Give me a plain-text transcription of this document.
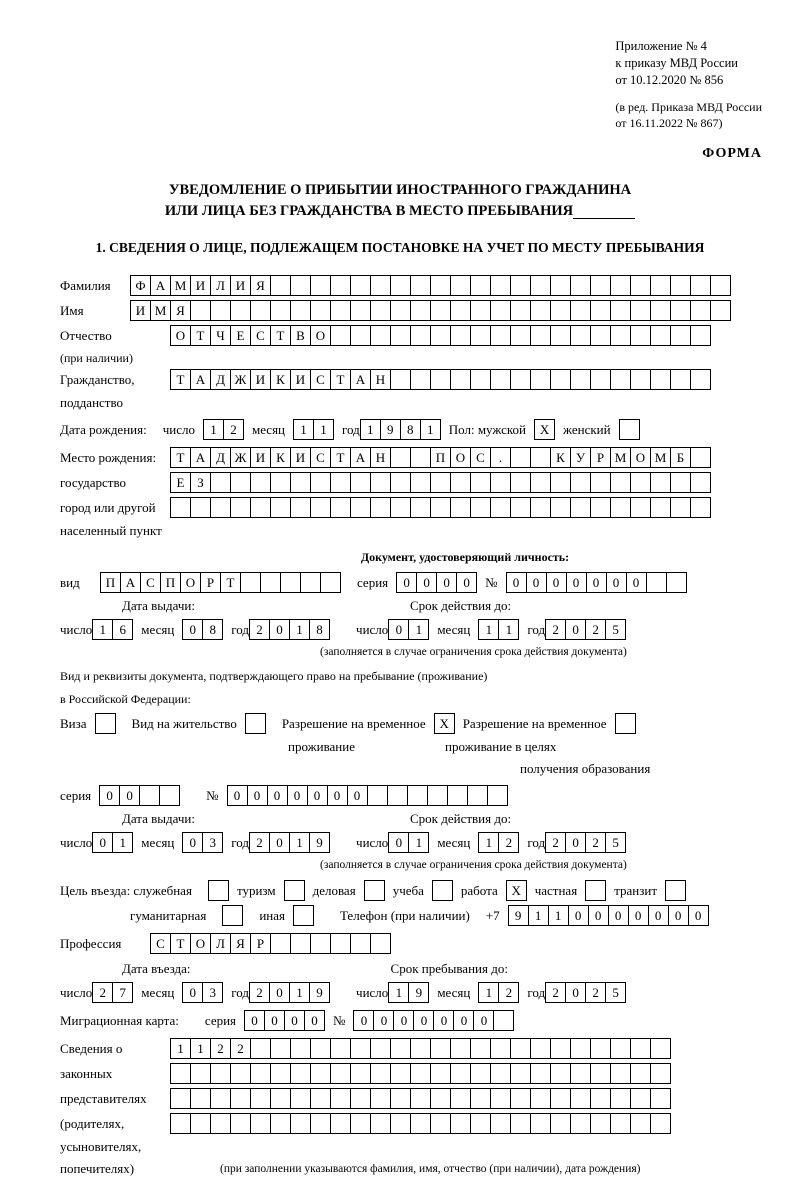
Приложение № 4
к приказу МВД России
от 10.12.2020 № 856
(в ред. Приказа МВД России
от 16.11.2022 № 867)
ФОРМА
УВЕДОМЛЕНИЕ О ПРИБЫТИИ ИНОСТРАННОГО ГРАЖДАНИНА
ИЛИ ЛИЦА БЕЗ ГРАЖДАНСТВА В МЕСТО ПРЕБЫВАНИЯ
1. СВЕДЕНИЯ О ЛИЦЕ, ПОДЛЕЖАЩЕМ ПОСТАНОВКЕ НА УЧЕТ ПО МЕСТУ ПРЕБЫВАНИЯ
Фамилия	Ф А М И Л И Я
Имя	И М Я
Отчество	О Т Ч Е С Т В О
(при наличии)
Гражданство,	Т А Д Ж И К И С Т А Н
подданство
Дата рождения: число	1	2	месяц	1	1	год 1	9	8	1	Пол: мужской	X	женский
Место рождения:	Т А Д Ж И К И С Т А Н	П О С	.	К У Р М О М Б
государство	Е З
город или другой
населенный пункт
Документ, удостоверяющий личность:
вид	П А С П О Р Т	серия	0	0	0	0	№	0	0	0	0	0	0	0
Дата выдачи:	Срок действия до:
число 1	6	месяц	0	8	год 2	0	1	8	число 0	1	месяц	1	1	год 2	0	2	5
(заполняется в случае ограничения срока действия документа)
Вид и реквизиты документа, подтверждающего право на пребывание (проживание)
в Российской Федерации:
Виза	Вид на жительство	Разрешение на временное	X	Разрешение на временное
проживание	проживание в целях
получения образования
серия	0	0	№	0	0	0	0	0	0	0
Дата выдачи:	Срок действия до:
число 0	1	месяц	0	3	год 2	0	1	9	число 0	1	месяц	1	2	год 2	0	2	5
(заполняется в случае ограничения срока действия документа)
Цель въезда: служебная	туризм	деловая	учеба	работа	X	частная	транзит
гуманитарная	иная	Телефон (при наличии) +7	9	1	1	0	0	0	0	0	0	0
Профессия	С Т О Л Я Р
Дата въезда:	Срок пребывания до:
число 2	7	месяц	0	3	год 2	0	1	9	число 1	9	месяц	1	2	год 2	0	2	5
Миграционная карта: серия	0	0	0	0	№	0	0	0	0	0	0	0
Сведения о	1	1	2	2
законных
представителях
(родителях,
усыновителях,
попечителях)	(при заполнении указываются фамилия, имя, отчество (при наличии), дата рождения)
